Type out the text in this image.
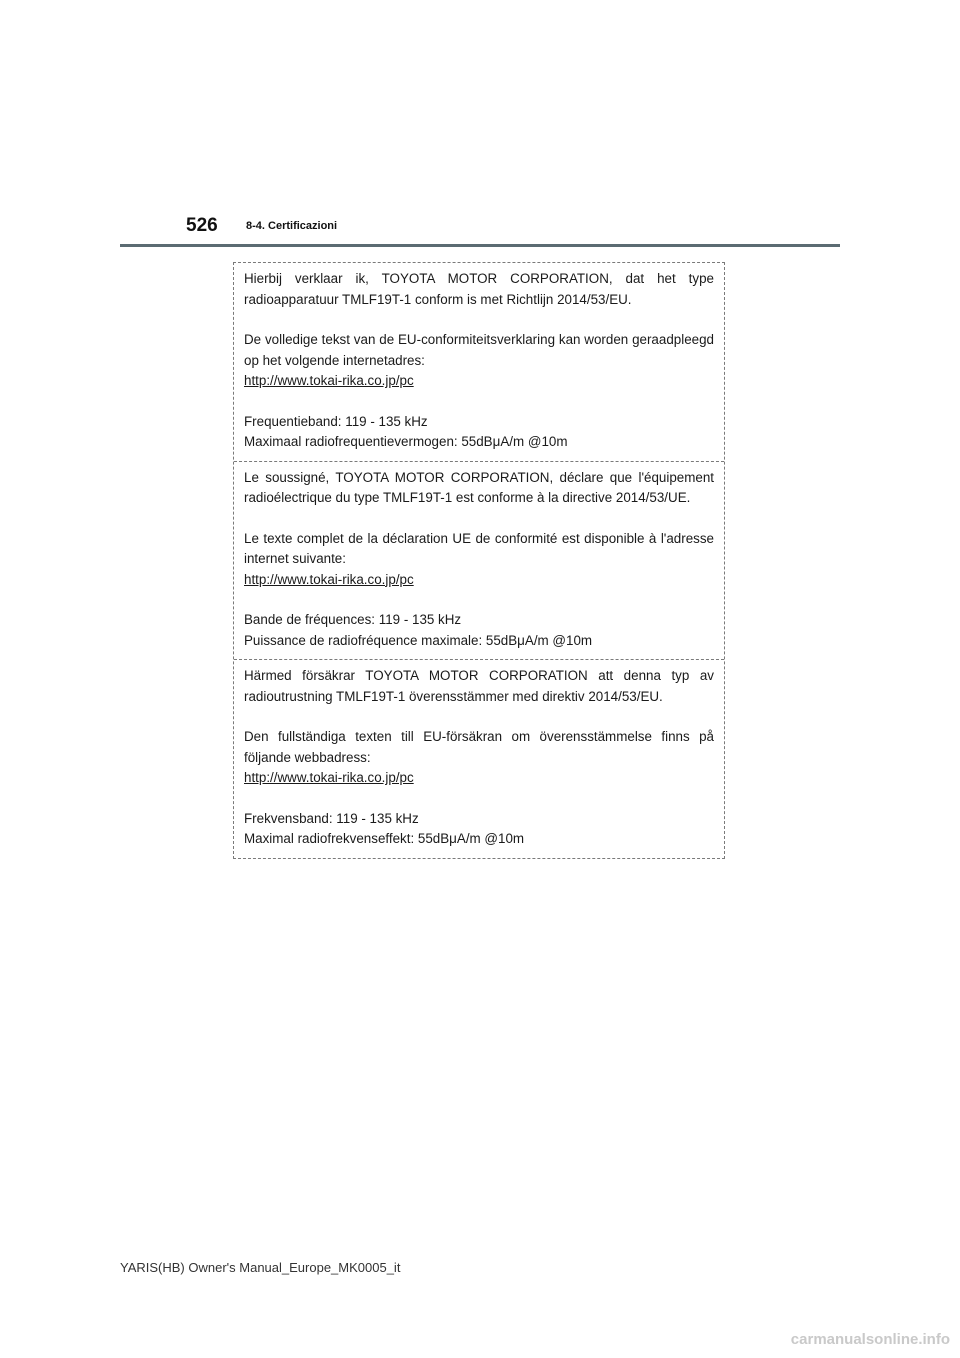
526	8-4. Certificazioni

Hierbij verklaar ik, TOYOTA MOTOR CORPORATION, dat het type radioapparatuur TMLF19T-1 conform is met Richtlijn 2014/53/EU.

De volledige tekst van de EU-conformiteitsverklaring kan worden geraadpleegd op het volgende internetadres:

http://www.tokai-rika.co.jp/pc

Frequentieband: 119 - 135 kHz

Maximaal radiofrequentievermogen: 55dBμA/m @10m

Le soussigné, TOYOTA MOTOR CORPORATION, déclare que l'équipement radioélectrique du type TMLF19T-1 est conforme à la directive 2014/53/UE.

Le texte complet de la déclaration UE de conformité est disponible à l'adresse internet suivante:

http://www.tokai-rika.co.jp/pc

Bande de fréquences: 119 - 135 kHz

Puissance de radiofréquence maximale: 55dBμA/m @10m

Härmed försäkrar TOYOTA MOTOR CORPORATION att denna typ av radioutrustning TMLF19T-1 överensstämmer med direktiv 2014/53/EU.

Den fullständiga texten till EU-försäkran om överensstämmelse finns på följande webbadress:

http://www.tokai-rika.co.jp/pc

Frekvensband: 119 - 135 kHz

Maximal radiofrekvenseffekt: 55dBμA/m @10m

YARIS(HB) Owner's Manual_Europe_MK0005_it
carmanualsonline.info
